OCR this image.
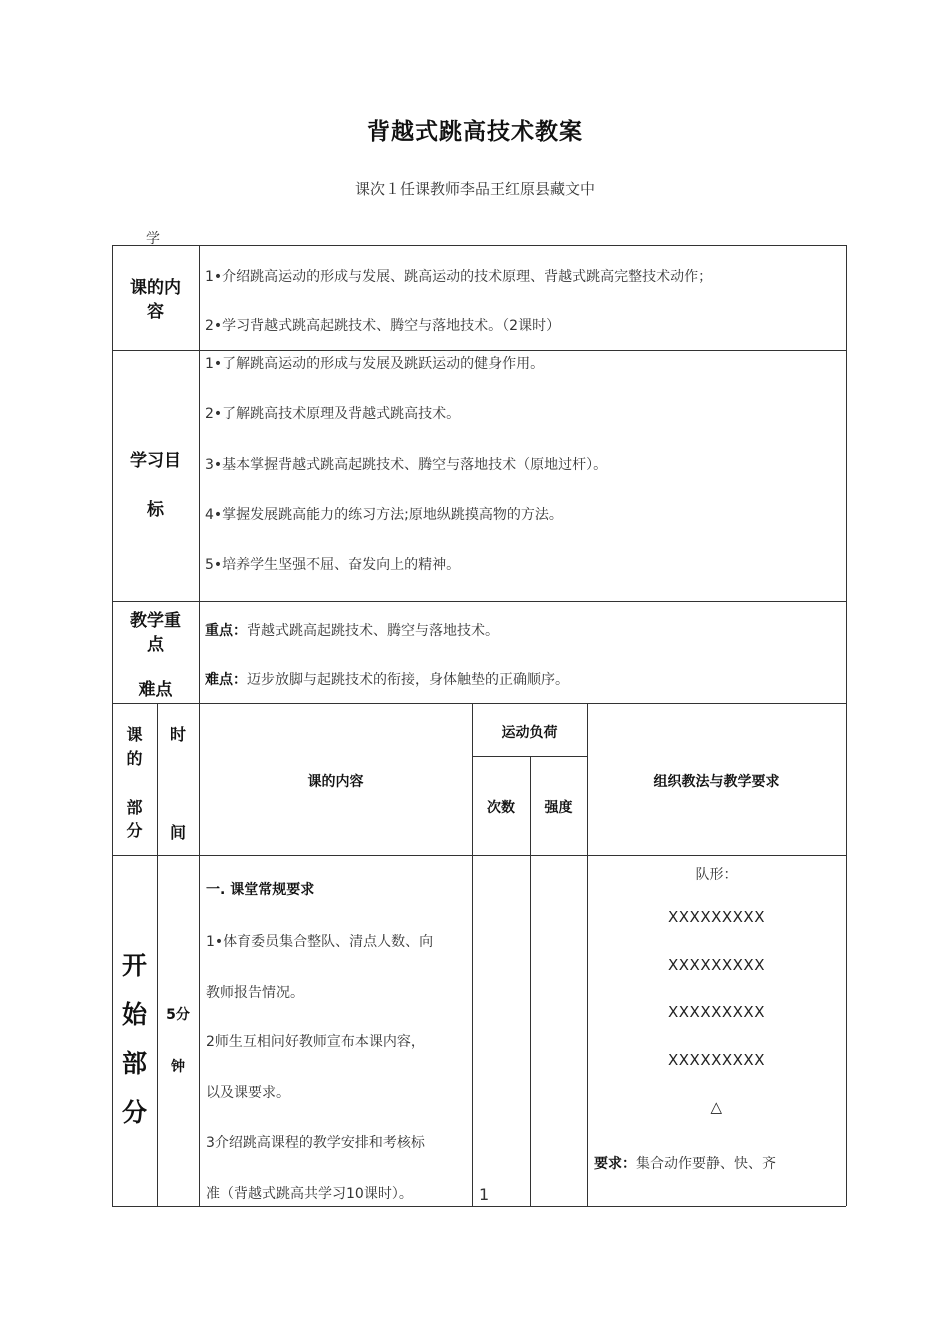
背越式跳高技术教案
课次１任课教师李品王红原县藏文中
学
课的内
容
1•介绍跳高运动的形成与发展、跳高运动的技术原理、背越式跳高完整技术动作；
2•学习背越式跳高起跳技术、腾空与落地技术。（2课时）
学习目
标
1•了解跳高运动的形成与发展及跳跃运动的健身作用。
2•了解跳高技术原理及背越式跳高技术。
3•基本掌握背越式跳高起跳技术、腾空与落地技术（原地过杆）。
4•掌握发展跳高能力的练习方法;原地纵跳摸高物的方法。
5•培养学生坚强不屈、奋发向上的精神。
教学重
点
难点
重点：背越式跳高起跳技术、腾空与落地技术。
难点：迈步放脚与起跳技术的衔接，身体触垫的正确顺序。
课
的
部
分
时
间
课的内容
运动负荷
次数	强度
组织教法与教学要求
开
始
部
分
5分
钟
一. 课堂常规要求
1•体育委员集合整队、清点人数、向
教师报告情况。
2师生互相问好教师宣布本课内容，
以及课要求。
3介绍跳高课程的教学安排和考核标
准（背越式跳高共学习10课时）。	1
队形：
XXXXXXXXX
XXXXXXXXX
XXXXXXXXX
XXXXXXXXX
△
要求：集合动作要静、快、齐
